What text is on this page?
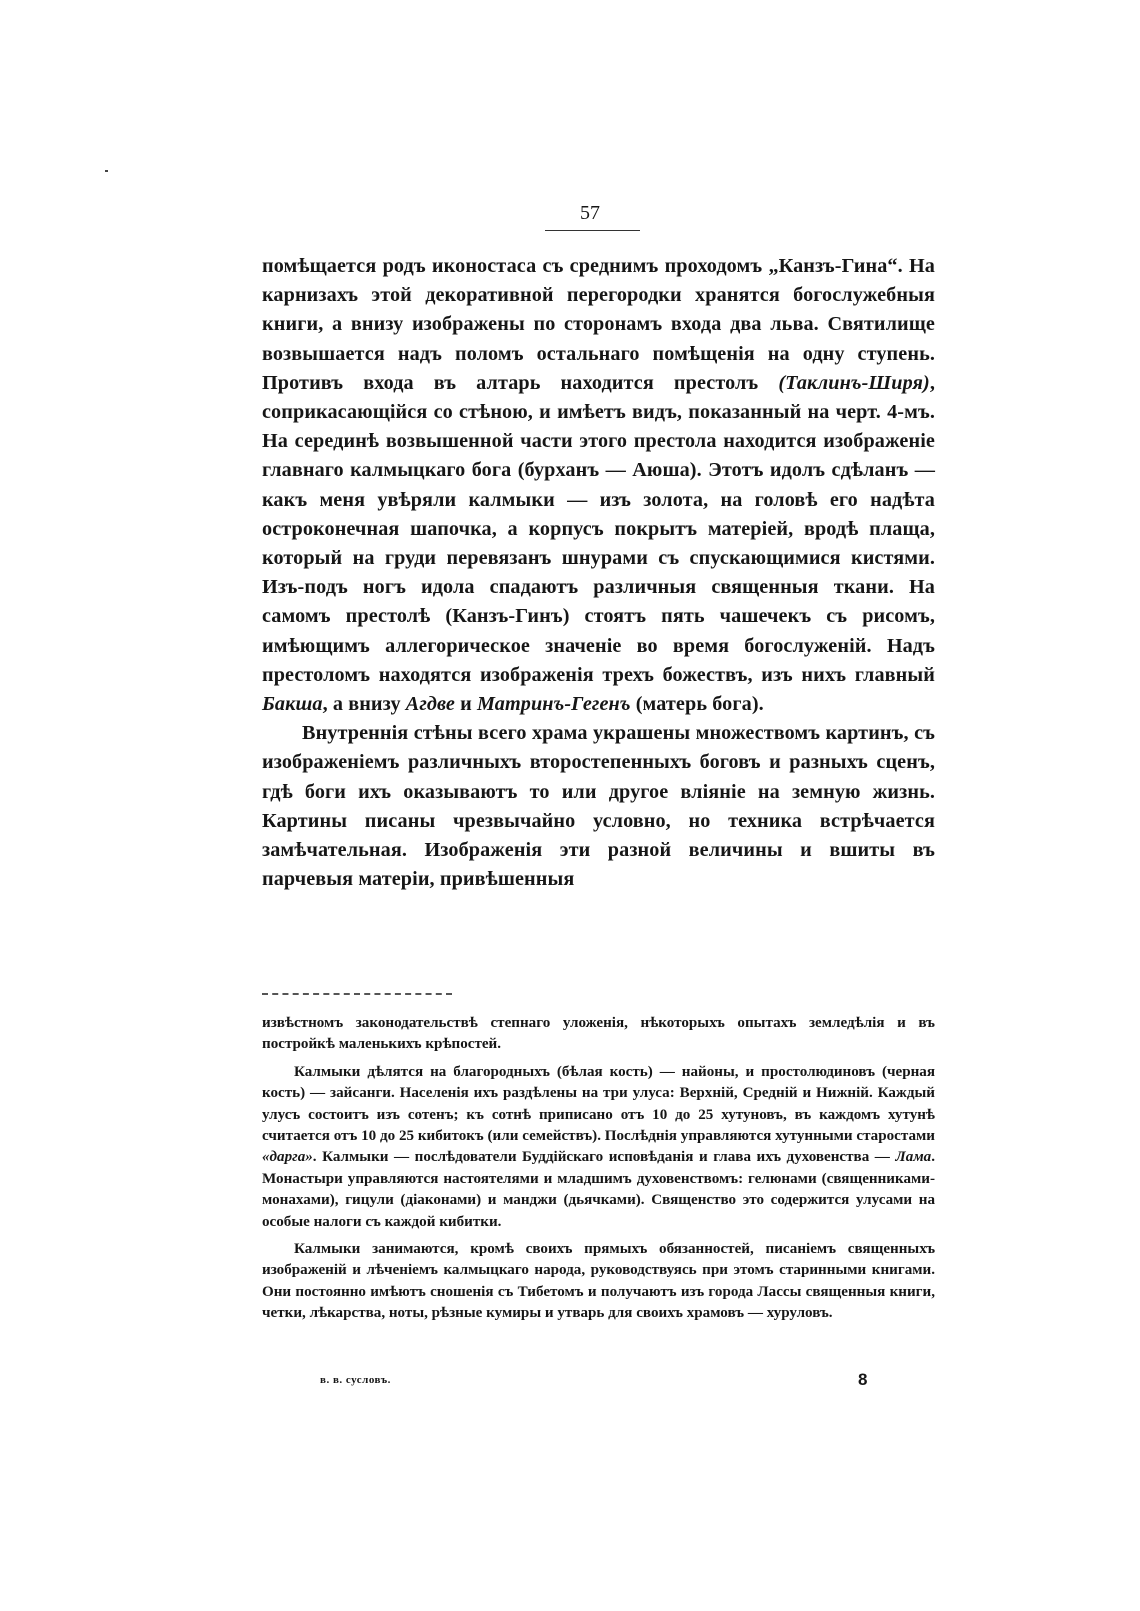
57

помѣщается родъ иконостаса съ среднимъ проходомъ „Канзъ-Гина“. На карнизахъ этой декоративной перегородки хранятся богослужебныя книги, а внизу изображены по сторонамъ входа два льва. Святилище возвышается надъ поломъ остальнаго помѣщенія на одну ступень. Противъ входа въ алтарь находится престолъ (Таклинъ-Ширя), соприкасающійся со стѣною, и имѣетъ видъ, показанный на черт. 4-мъ. На серединѣ возвышенной части этого престола находится изображеніе главнаго калмыцкаго бога (бурханъ — Аюша). Этотъ идолъ сдѣланъ — какъ меня увѣряли калмыки — изъ золота, на головѣ его надѣта остроконечная шапочка, а корпусъ покрытъ матеріей, вродѣ плаща, который на груди перевязанъ шнурами съ спускающимися кистями. Изъ-подъ ногъ идола спадаютъ различныя священныя ткани. На самомъ престолѣ (Канзъ-Гинъ) стоятъ пять чашечекъ съ рисомъ, имѣющимъ аллегорическое значеніе во время богослуженій. Надъ престоломъ находятся изображенія трехъ божествъ, изъ нихъ главный Бакша, а внизу Агдве и Матринъ-Гегенъ (матерь бога).

Внутреннія стѣны всего храма украшены множествомъ картинъ, съ изображеніемъ различныхъ второстепенныхъ боговъ и разныхъ сценъ, гдѣ боги ихъ оказываютъ то или другое вліяніе на земную жизнь. Картины писаны чрезвычайно условно, но техника встрѣчается замѣчательная. Изображенія эти разной величины и вшиты въ парчевыя матеріи, привѣшенныя

извѣстномъ законодательствѣ степнаго уложенія, нѣкоторыхъ опытахъ земледѣлія и въ постройкѣ маленькихъ крѣпостей.

Калмыки дѣлятся на благородныхъ (бѣлая кость) — найоны, и простолюдиновъ (черная кость) — зайсанги. Населенія ихъ раздѣлены на три улуса: Верхній, Средній и Нижній. Каждый улусъ состоитъ изъ сотенъ; къ сотнѣ приписано отъ 10 до 25 хутуновъ, въ каждомъ хутунѣ считается отъ 10 до 25 кибитокъ (или семействъ). Послѣднія управляются хутунными старостами «дарга». Калмыки — послѣдователи Буддійскаго исповѣданія и глава ихъ духовенства — Лама. Монастыри управляются настоятелями и младшимъ духовенствомъ: гелюнами (священниками-монахами), гицули (діаконами) и манджи (дьячками). Священство это содержится улусами на особые налоги съ каждой кибитки.

Калмыки занимаются, кромѣ своихъ прямыхъ обязанностей, писаніемъ священныхъ изображеній и лѣченіемъ калмыцкаго народа, руководствуясь при этомъ старинными книгами. Они постоянно имѣютъ сношенія съ Тибетомъ и получаютъ изъ города Лассы священныя книги, четки, лѣкарства, ноты, рѣзные кумиры и утварь для своихъ храмовъ — хуруловъ.

в. в. сусловъ.	8
